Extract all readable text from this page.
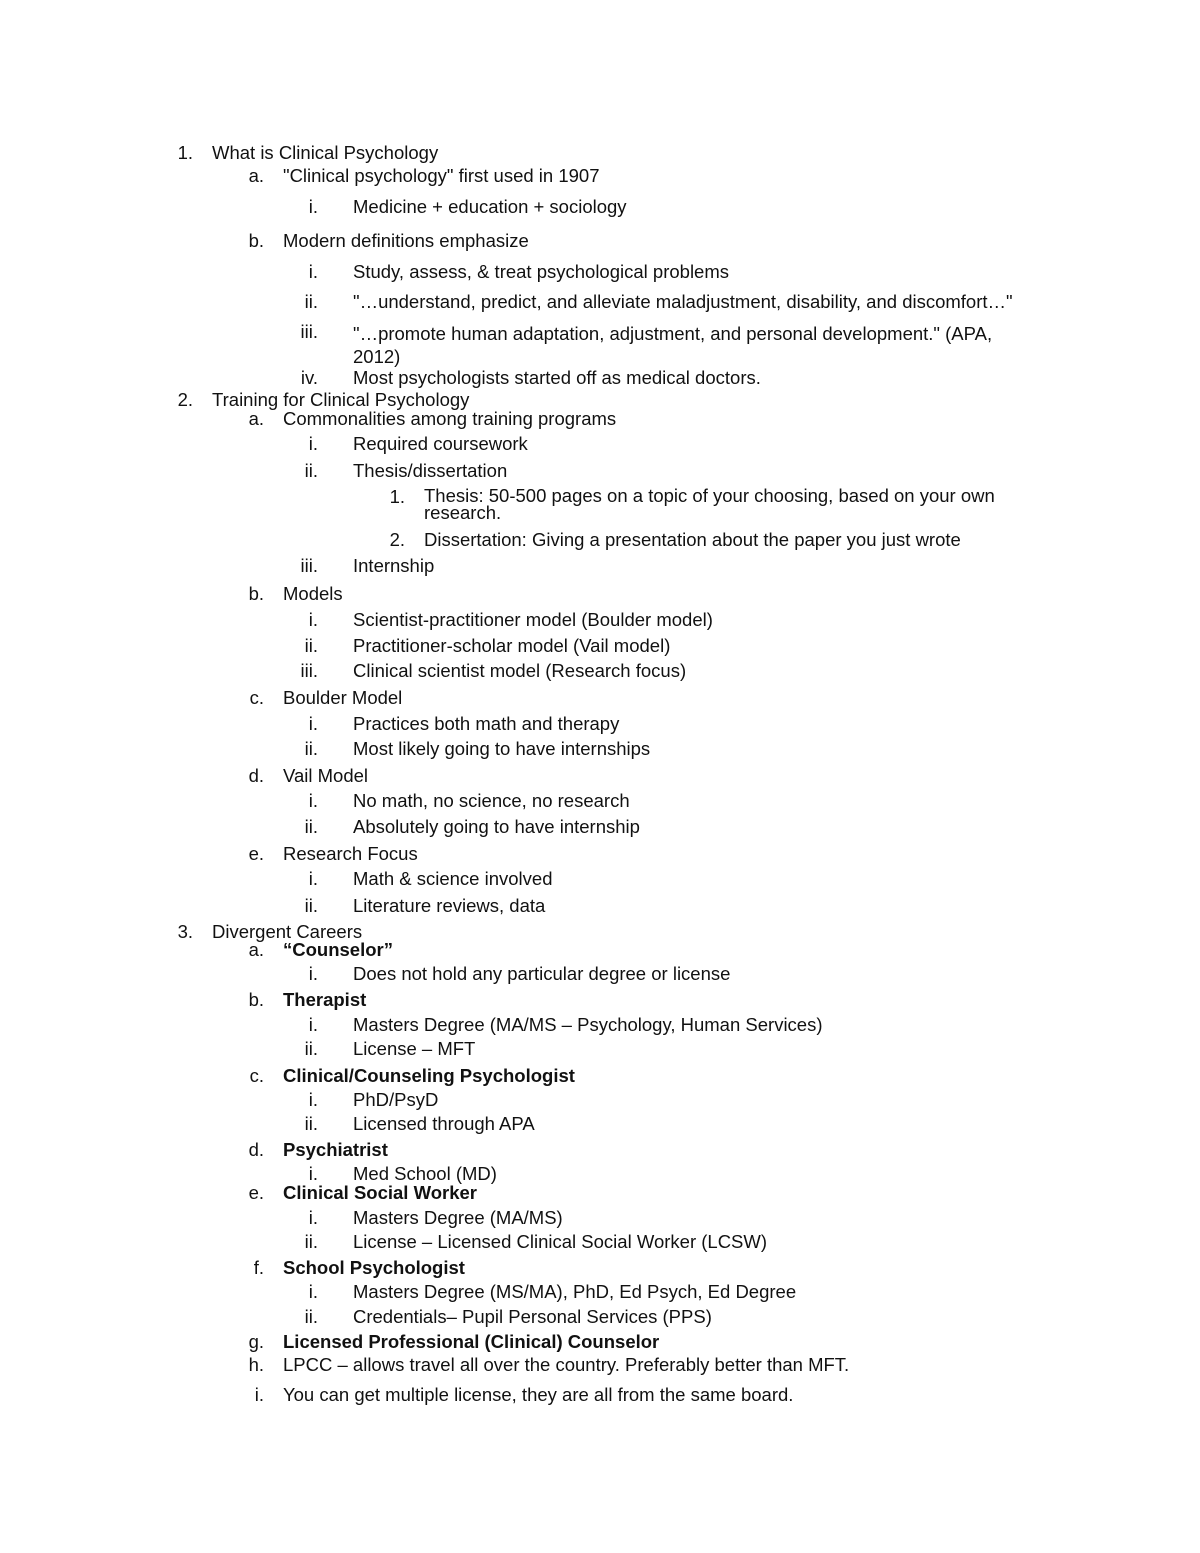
1. What is Clinical Psychology
a. "Clinical psychology" first used in 1907
i. Medicine + education + sociology
b. Modern definitions emphasize
i. Study, assess, & treat psychological problems
ii. "…understand, predict, and alleviate maladjustment, disability, and discomfort…"
iii. "…promote human adaptation, adjustment, and personal development." (APA, 2012)
iv. Most psychologists started off as medical doctors.
2. Training for Clinical Psychology
a. Commonalities among training programs
i. Required coursework
ii. Thesis/dissertation
1. Thesis: 50-500 pages on a topic of your choosing, based on your own research.
2. Dissertation: Giving a presentation about the paper you just wrote
iii. Internship
b. Models
i. Scientist-practitioner model (Boulder model)
ii. Practitioner-scholar model (Vail model)
iii. Clinical scientist model (Research focus)
c. Boulder Model
i. Practices both math and therapy
ii. Most likely going to have internships
d. Vail Model
i. No math, no science, no research
ii. Absolutely going to have internship
e. Research Focus
i. Math & science involved
ii. Literature reviews, data
3. Divergent Careers
a. “Counselor”
i. Does not hold any particular degree or license
b. Therapist
i. Masters Degree (MA/MS – Psychology, Human Services)
ii. License – MFT
c. Clinical/Counseling Psychologist
i. PhD/PsyD
ii. Licensed through APA
d. Psychiatrist
i. Med School (MD)
e. Clinical Social Worker
i. Masters Degree (MA/MS)
ii. License – Licensed Clinical Social Worker (LCSW)
f. School Psychologist
i. Masters Degree (MS/MA), PhD, Ed Psych, Ed Degree
ii. Credentials– Pupil Personal Services (PPS)
g. Licensed Professional (Clinical) Counselor
h. LPCC – allows travel all over the country. Preferably better than MFT.
i. You can get multiple license, they are all from the same board.
